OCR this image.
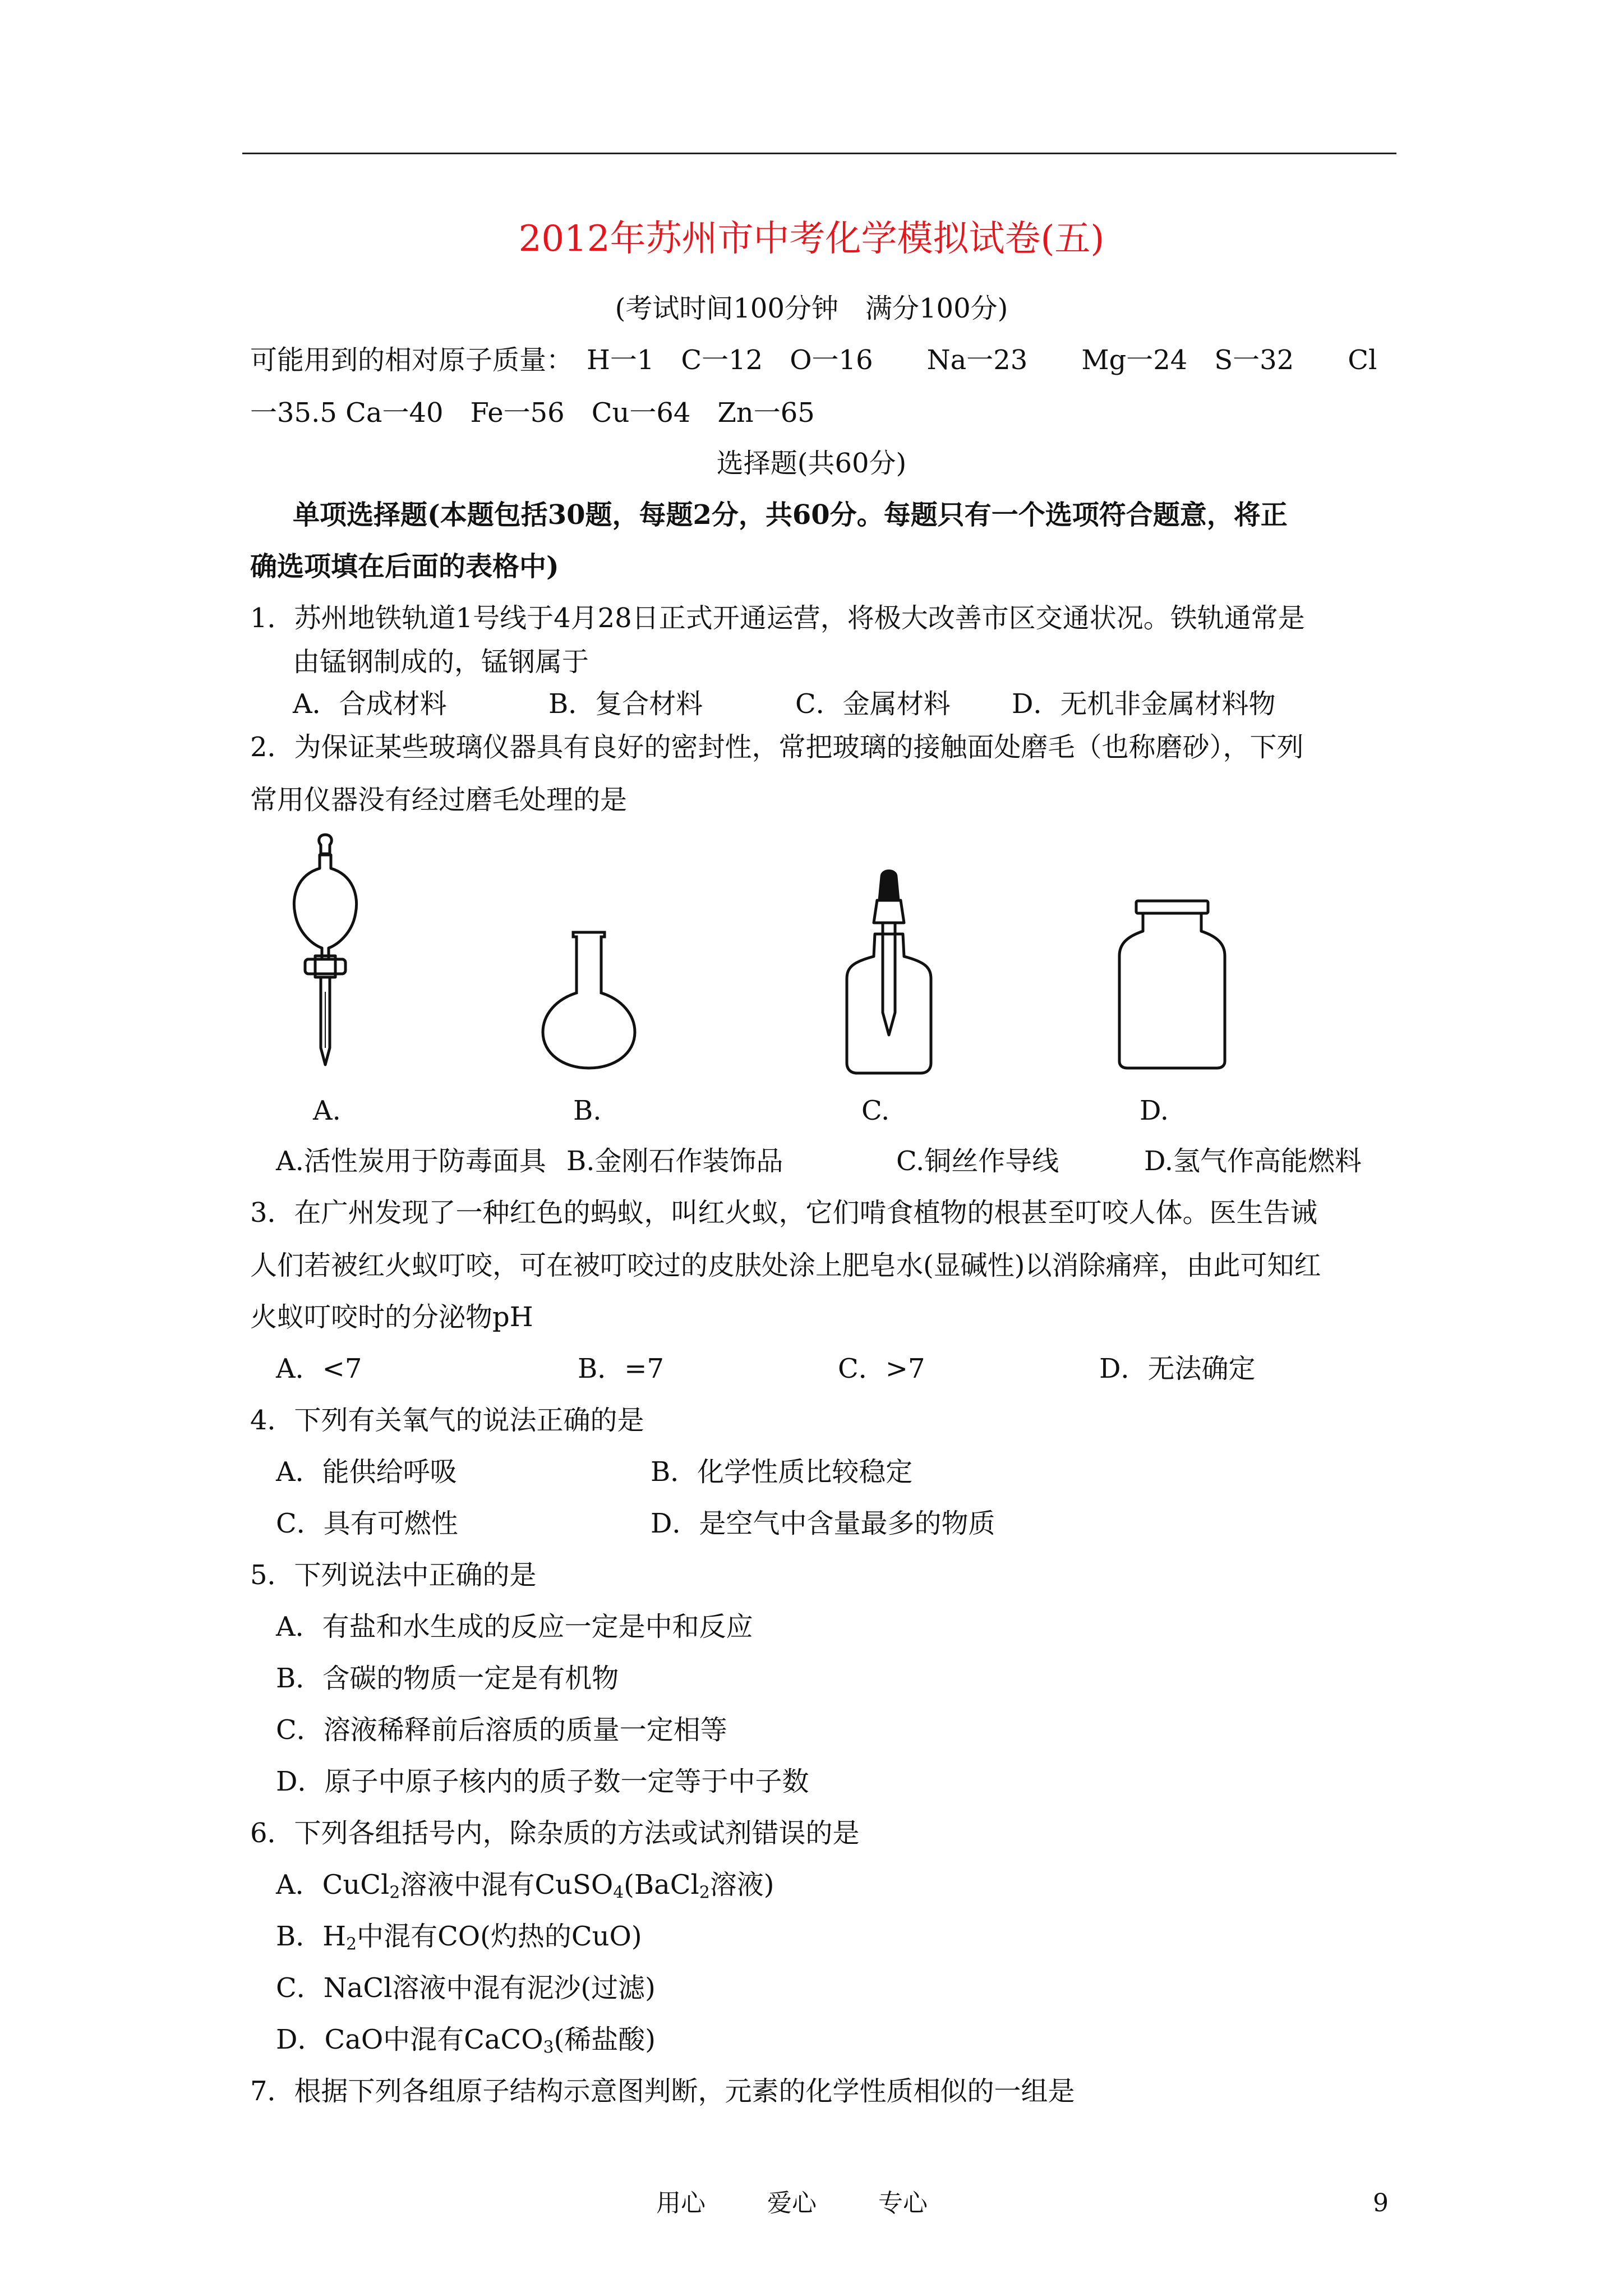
2012年苏州市中考化学模拟试卷(五)
(考试时间100分钟　满分100分)
可能用到的相对原子质量：　H一1　C一12　O一16　　Na一23　　Mg一24　S一32　　Cl
一35.5 Ca一40　Fe一56　Cu一64　Zn一65
选择题(共60分)
单项选择题(本题包括30题，每题2分，共60分。每题只有一个选项符合题意，将正
确选项填在后面的表格中)
1．苏州地铁轨道1号线于4月28日正式开通运营，将极大改善市区交通状况。铁轨通常是
由锰钢制成的，锰钢属于
A．合成材料	B．复合材料	C．金属材料 D．无机非金属材料物
2．为保证某些玻璃仪器具有良好的密封性，常把玻璃的接触面处磨毛（也称磨砂），下列
常用仪器没有经过磨毛处理的是
A.	B.	C.	D.
A.活性炭用于防毒面具 B.金刚石作装饰品	C.铜丝作导线	D.氢气作高能燃料
3．在广州发现了一种红色的蚂蚁，叫红火蚁，它们啃食植物的根甚至叮咬人体。医生告诫
人们若被红火蚁叮咬，可在被叮咬过的皮肤处涂上肥皂水(显碱性)以消除痛痒，由此可知红
火蚁叮咬时的分泌物pH
A．<7	B．=7	C．>7	D．无法确定
4．下列有关氧气的说法正确的是
A．能供给呼吸	B．化学性质比较稳定
C．具有可燃性	D．是空气中含量最多的物质
5．下列说法中正确的是
A．有盐和水生成的反应一定是中和反应
B．含碳的物质一定是有机物
C．溶液稀释前后溶质的质量一定相等
D．原子中原子核内的质子数一定等于中子数
6．下列各组括号内，除杂质的方法或试剂错误的是
A．CuCl$_2$溶液中混有CuSO$_4$(BaCl$_2$溶液)
B．$H_2$中混有CO(灼热的CuO)
C．NaCl溶液中混有泥沙(过滤)
D．CaO中混有CaCO$_3$(稀盐酸)
7．根据下列各组原子结构示意图判断，元素的化学性质相似的一组是
用心	爱心	专心	9
